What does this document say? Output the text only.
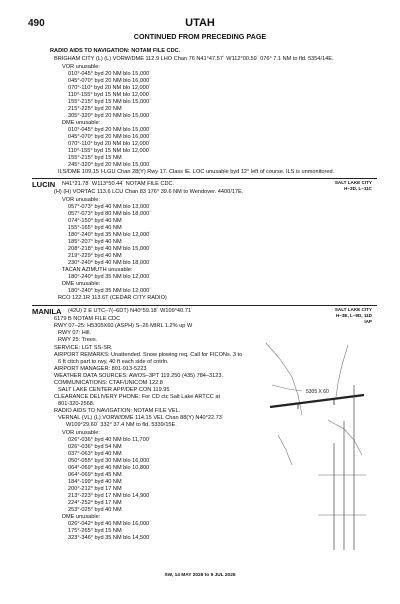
490	UTAH
CONTINUED FROM PRECEDING PAGE
RADIO AIDS TO NAVIGATION: NOTAM FILE CDC.
BRIGHAM CITY (L) (L) VORW/DME 112.9 LHO Chan 76 N41°47.57´ W112°00.59´ 076° 7.1 NM to fld. 5354/14E.
VOR unusable:
010°-045° byd 20 NM blo 15,000´
045°-070° byd 20 NM blo 16,000´
070°-110° byd 20 NM blo 12,000´
110°-155° byd 15 NM blo 12,000´
155°-215° byd 15 NM blo 15,000´
215°-225° byd 20 NM
305°-320° byd 20 NM blo 15,000´
DME unusable:
010°-045° byd 20 NM blo 15,000´
045°-070° byd 20 NM blo 16,000´
070°-110° byd 20 NM blo 12,000´
110°-155° byd 15 NM blo 12,000´
155°-215° byd 15 NM
245°-320° byd 20 NM blo 15,000´
ILS/DME 109.15 I-LGU Chan 28(Y) Rwy 17. Class IE. LOC unusable byd 12° left of course. ILS is unmonitored.
LUCIN N41°21.78´ W113°50.44´ NOTAM FILE CDC.	SALT LAKE CITY
H–3D, L–11C
(H) (H) VORTAC 113.6 LCU Chan 83 176° 39.6 NM to Wendover. 4400/17E.
VOR unusable:
057°-073° byd 40 NM blo 13,000´
057°-073° byd 80 NM blo 18,000´
074°-150° byd 40 NM
155°-165° byd 40 NM
180°-240° byd 35 NM blo 12,000´
185°-207° byd 40 NM
208°-218° byd 40 NM blo 15,000´
219°-229° byd 40 NM
230°-240° byd 40 NM blo 18,000´
TACAN AZIMUTH unusable:
180°-240° byd 35 NM blo 12,000´
DME unusable:
180°-240° byd 35 NM blo 12,000´
RCO 122.1R 113.6T (CEDAR CITY RADIO)
MANILA (42U) 2 E UTC–7(–6DT) N40°59.18´ W109°40.71´	SALT LAKE CITY
H–3E, L–9D, 11D
IAP
6179 B NOTAM FILE CDC
RWY 07–25: H5305X60 (ASPH) S–26 MIRL 1.2% up W
RWY 07: Hill.
RWY 25: Trees.
SERVICE: LGT SS-SR.
AIRPORT REMARKS: Unattended. Snow plowing req. Call for FICONs. 3 to
6 ft citch part to rwy, 40 ft each side of cntrln.
AIRPORT MANAGER: 801-913-5223
WEATHER DATA SOURCES: AWOS–3PT 119.250 (435) 784–3123.
COMMUNICATIONS: CTAF/UNICOM 122.8
SALT LAKE CENTER APP/DEP CON 119.95
CLEARANCE DELIVERY PHONE: For CD ctc Salt Lake ARTCC at
801-320-2568.
RADIO AIDS TO NAVIGATION: NOTAM FILE VEL.
VERNAL (VL) (L) VORW/DME 114.15 VEL Chan 88(Y) N40°22.73´
W109°29.60´ 332° 37.4 NM to fld. 5339/15E.
VOR unusable:
026°-036° byd 40 NM blo 11,700´
026°-036° byd 54 NM
037°-063° byd 40 NM
050°-055° byd 30 NM blo 16,000´
064°-069° byd 40 NM blo 10,800´
064°-069° byd 45 NM
184°-199° byd 40 NM
200°-212° byd 17 NM
213°-223° byd 17 NM blo 14,900´
224°-252° byd 17 NM
253°-025° byd 40 NM
DME unusable:
026°-042° byd 40 NM blo 16,000´
175°-265° byd 15 NM
323°-346° byd 35 NM blo 14,500´
5305 X 60
SW, 14 MAY 2026 to 9 JUL 2026
